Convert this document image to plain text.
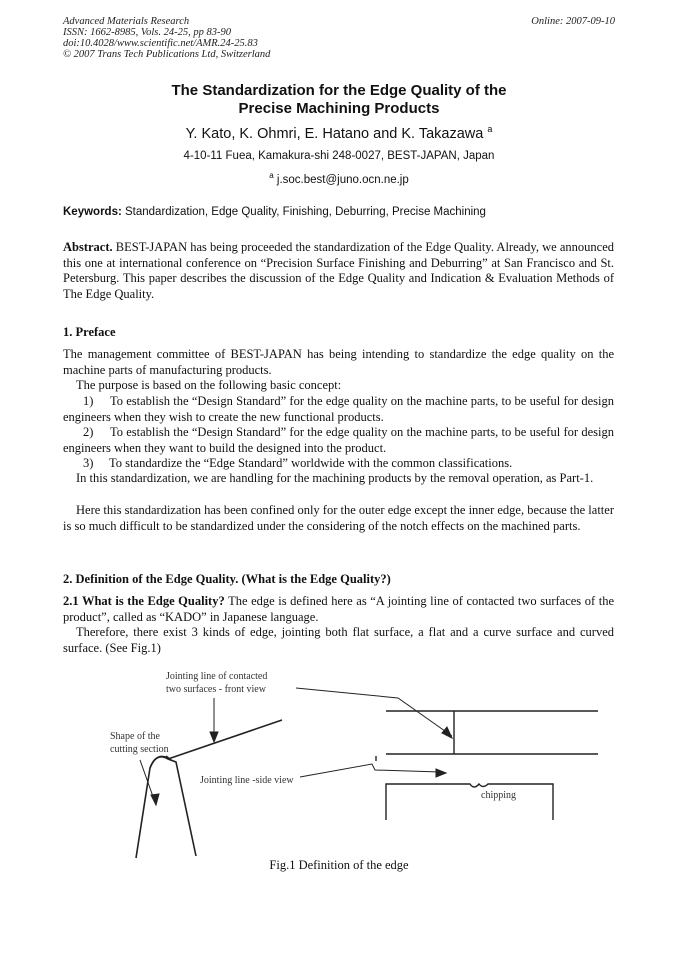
Advanced Materials Research
ISSN: 1662-8985, Vols. 24-25, pp 83-90
doi:10.4028/www.scientific.net/AMR.24-25.83
© 2007 Trans Tech Publications Ltd, Switzerland
Online: 2007-09-10
The Standardization for the Edge Quality of the
Precise Machining Products
Y. Kato, K. Ohmri, E. Hatano and K. Takazawa $^a$
4-10-11 Fuea, Kamakura-shi 248-0027, BEST-JAPAN, Japan
$^a$ j.soc.best@juno.ocn.ne.jp
Keywords: Standardization, Edge Quality, Finishing, Deburring, Precise Machining
Abstract. BEST-JAPAN has being proceeded the standardization of the Edge Quality. Already, we announced this one at international conference on “Precision Surface Finishing and Deburring” at San Francisco and St. Petersburg. This paper describes the discussion of the Edge Quality and Indication & Evaluation Methods of The Edge Quality.
1. Preface
The management committee of BEST-JAPAN has being intending to standardize the edge quality on the machine parts of manufacturing products.
The purpose is based on the following basic concept:
1) To establish the “Design Standard” for the edge quality on the machine parts, to be useful for design engineers when they wish to create the new functional products.
2) To establish the “Design Standard” for the edge quality on the machine parts, to be useful for design engineers when they want to build the designed into the product.
3) To standardize the “Edge Standard” worldwide with the common classifications.
In this standardization, we are handling for the machining products by the removal operation, as Part-1.
Here this standardization has been confined only for the outer edge except the inner edge, because the latter is so much difficult to be standardized under the considering of the notch effects on the machined parts.
2. Definition of the Edge Quality. (What is the Edge Quality?)
2.1 What is the Edge Quality? The edge is defined here as “A jointing line of contacted two surfaces of the product”, called as “KADO” in Japanese language.
Therefore, there exist 3 kinds of edge, jointing both flat surface, a flat and a curve surface and curved surface. (See Fig.1)
Jointing line of contacted
two surfaces - front view
Shape of the
cutting section
Jointing line -side view
chipping
Fig.1 Definition of the edge
